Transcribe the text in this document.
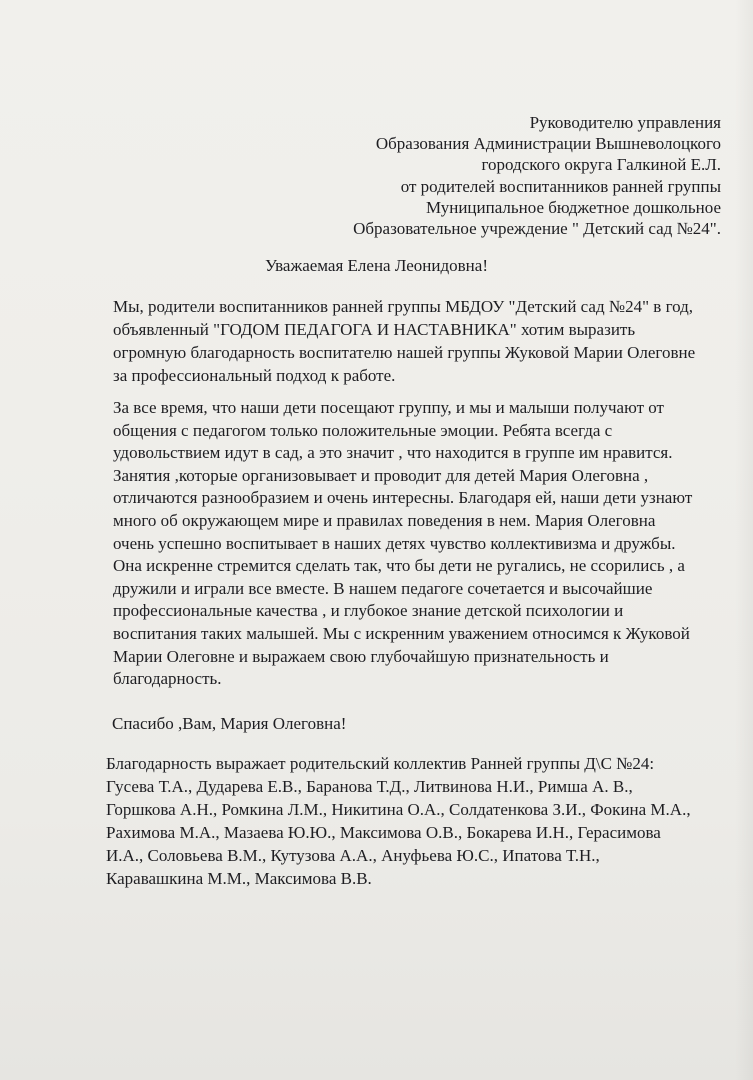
Руководителю управления
Образования Администрации Вышневолоцкого
городского округа Галкиной Е.Л.
от родителей воспитанников ранней группы
Муниципальное бюджетное дошкольное
Образовательное учреждение " Детский сад №24".
Уважаемая Елена Леонидовна!
Мы, родители воспитанников ранней группы МБДОУ "Детский сад №24" в год,
объявленный "ГОДОМ ПЕДАГОГА И НАСТАВНИКА" хотим выразить
огромную благодарность воспитателю нашей группы Жуковой Марии Олеговне
за профессиональный подход к работе.
За все время, что наши дети посещают группу, и мы и малыши получают от
общения с педагогом только положительные эмоции. Ребята всегда с
удовольствием идут в сад, а это значит , что находится в группе им нравится.
Занятия ,которые организовывает и проводит для детей Мария Олеговна ,
отличаются разнообразием и очень интересны. Благодаря ей, наши дети узнают
много об окружающем мире и правилах поведения в нем. Мария Олеговна
очень успешно воспитывает в наших детях чувство коллективизма и дружбы.
Она искренне стремится сделать так, что бы дети не ругались, не ссорились , а
дружили и играли все вместе. В нашем педагоге сочетается и высочайшие
профессиональные качества , и глубокое знание детской психологии и
воспитания таких малышей. Мы с искренним уважением относимся к Жуковой
Марии Олеговне и выражаем свою глубочайшую признательность и
благодарность.
Спасибо ,Вам, Мария Олеговна!
Благодарность выражает родительский коллектив Ранней группы Д\С №24:
Гусева Т.А., Дударева Е.В., Баранова Т.Д., Литвинова Н.И., Римша А. В.,
Горшкова А.Н., Ромкина Л.М., Никитина О.А., Солдатенкова З.И., Фокина М.А.,
Рахимова М.А., Мазаева Ю.Ю., Максимова О.В., Бокарева И.Н., Герасимова
И.А., Соловьева В.М., Кутузова А.А., Ануфьева Ю.С., Ипатова Т.Н.,
Каравашкина М.М., Максимова В.В.
